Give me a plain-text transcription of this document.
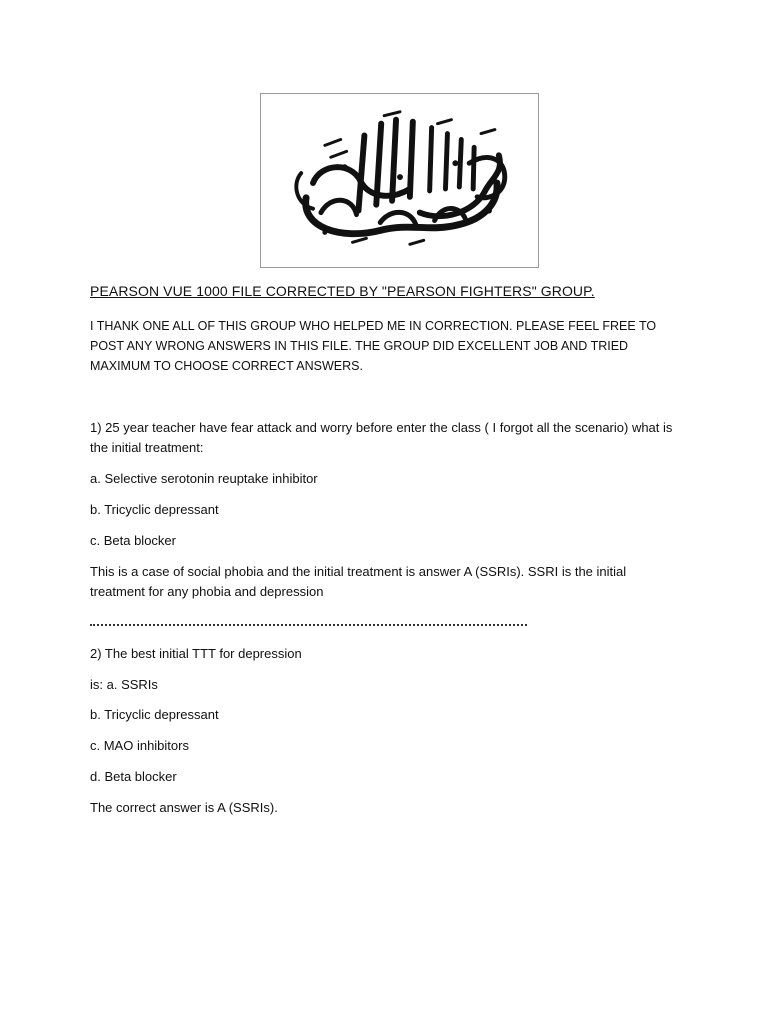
PEARSON VUE 1000 FILE CORRECTED BY "PEARSON FIGHTERS" GROUP.
I THANK ONE ALL OF THIS GROUP WHO HELPED ME IN CORRECTION. PLEASE FEEL FREE TO POST ANY WRONG ANSWERS IN THIS FILE. THE GROUP DID EXCELLENT JOB AND TRIED MAXIMUM TO CHOOSE CORRECT ANSWERS.
1) 25 year teacher have fear attack and worry before enter the class ( I forgot all the scenario) what is the initial treatment:
a. Selective serotonin reuptake inhibitor
b. Tricyclic depressant
c. Beta blocker
This is a case of social phobia and the initial treatment is answer A (SSRIs). SSRI is the initial treatment for any phobia and depression
2) The best initial TTT for depression
is: a. SSRIs
b. Tricyclic depressant
c. MAO inhibitors
d. Beta blocker
The correct answer is A (SSRIs).
